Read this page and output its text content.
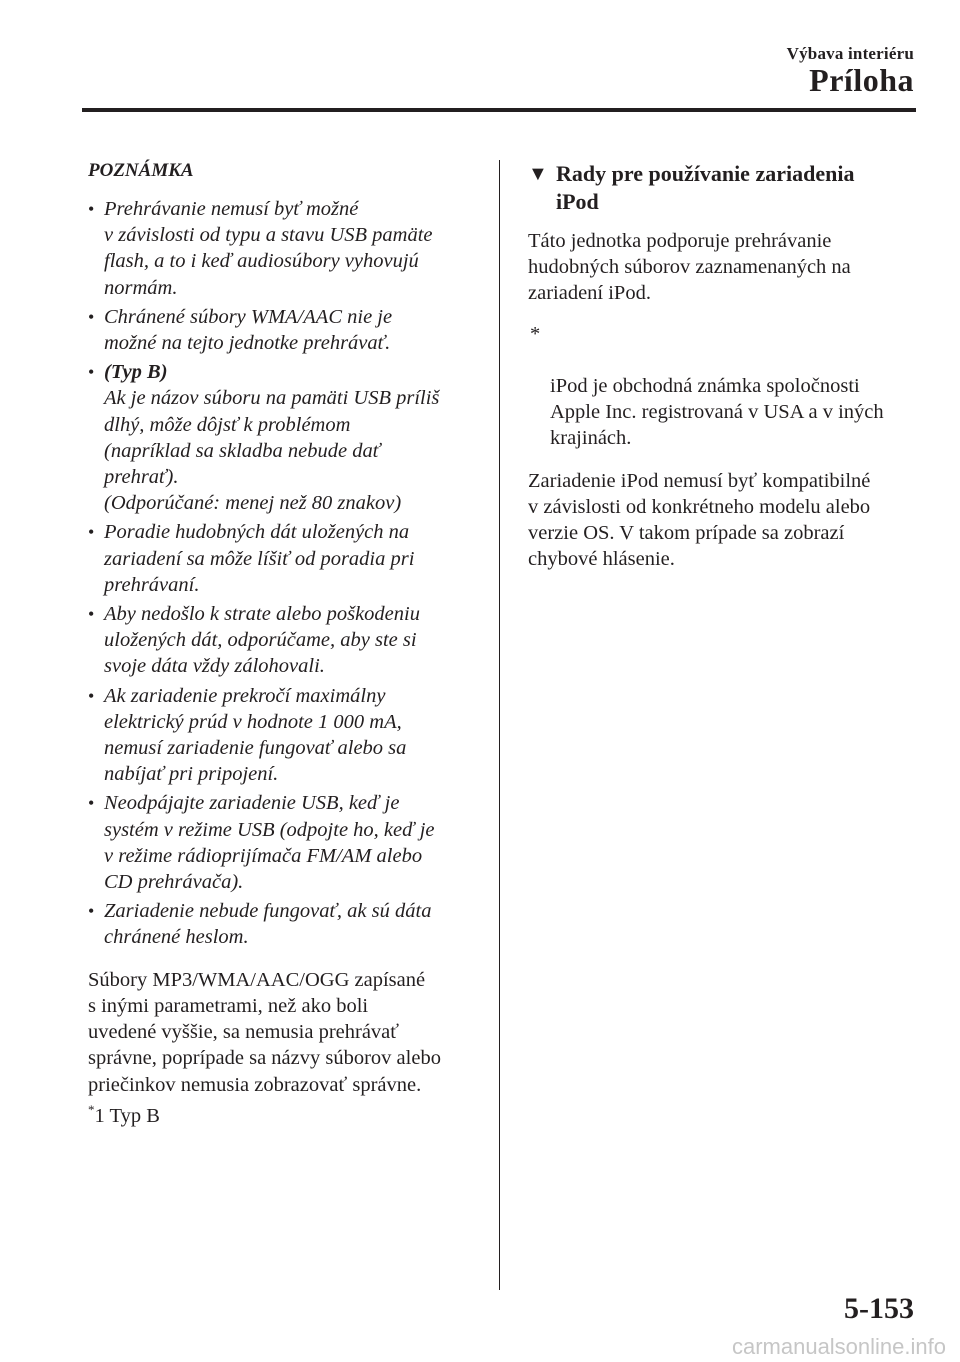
Výbava interiéru
Príloha
POZNÁMKA
• Prehrávanie nemusí byť možné
v závislosti od typu a stavu USB pamäte
flash, a to i keď audiosúbory vyhovujú
normám.
• Chránené súbory WMA/AAC nie je
možné na tejto jednotke prehrávať.
• (Typ B)
Ak je názov súboru na pamäti USB príliš
dlhý, môže dôjsť k problémom
(napríklad sa skladba nebude dať
prehrať).
(Odporúčané: menej než 80 znakov)
• Poradie hudobných dát uložených na
zariadení sa môže líšiť od poradia pri
prehrávaní.
• Aby nedošlo k strate alebo poškodeniu
uložených dát, odporúčame, aby ste si
svoje dáta vždy zálohovali.
• Ak zariadenie prekročí maximálny
elektrický prúd v hodnote 1 000 mA,
nemusí zariadenie fungovať alebo sa
nabíjať pri pripojení.
• Neodpájajte zariadenie USB, keď je
systém v režime USB (odpojte ho, keď je
v režime rádioprijímača FM/AM alebo
CD prehrávača).
• Zariadenie nebude fungovať, ak sú dáta
chránené heslom.
Súbory MP3/WMA/AAC/OGG zapísané
s inými parametrami, než ako boli
uvedené vyššie, sa nemusia prehrávať
správne, poprípade sa názvy súborov alebo
priečinkov nemusia zobrazovať správne.
*1 Typ B
▼ Rady pre používanie zariadenia
iPod
Táto jednotka podporuje prehrávanie
hudobných súborov zaznamenaných na
zariadení iPod.

*

iPod je obchodná známka spoločnosti
Apple Inc. registrovaná v USA a v iných
krajinách.

Zariadenie iPod nemusí byť kompatibilné
v závislosti od konkrétneho modelu alebo
verzie OS. V takom prípade sa zobrazí
chybové hlásenie.
5-153
carmanualsonline.info
